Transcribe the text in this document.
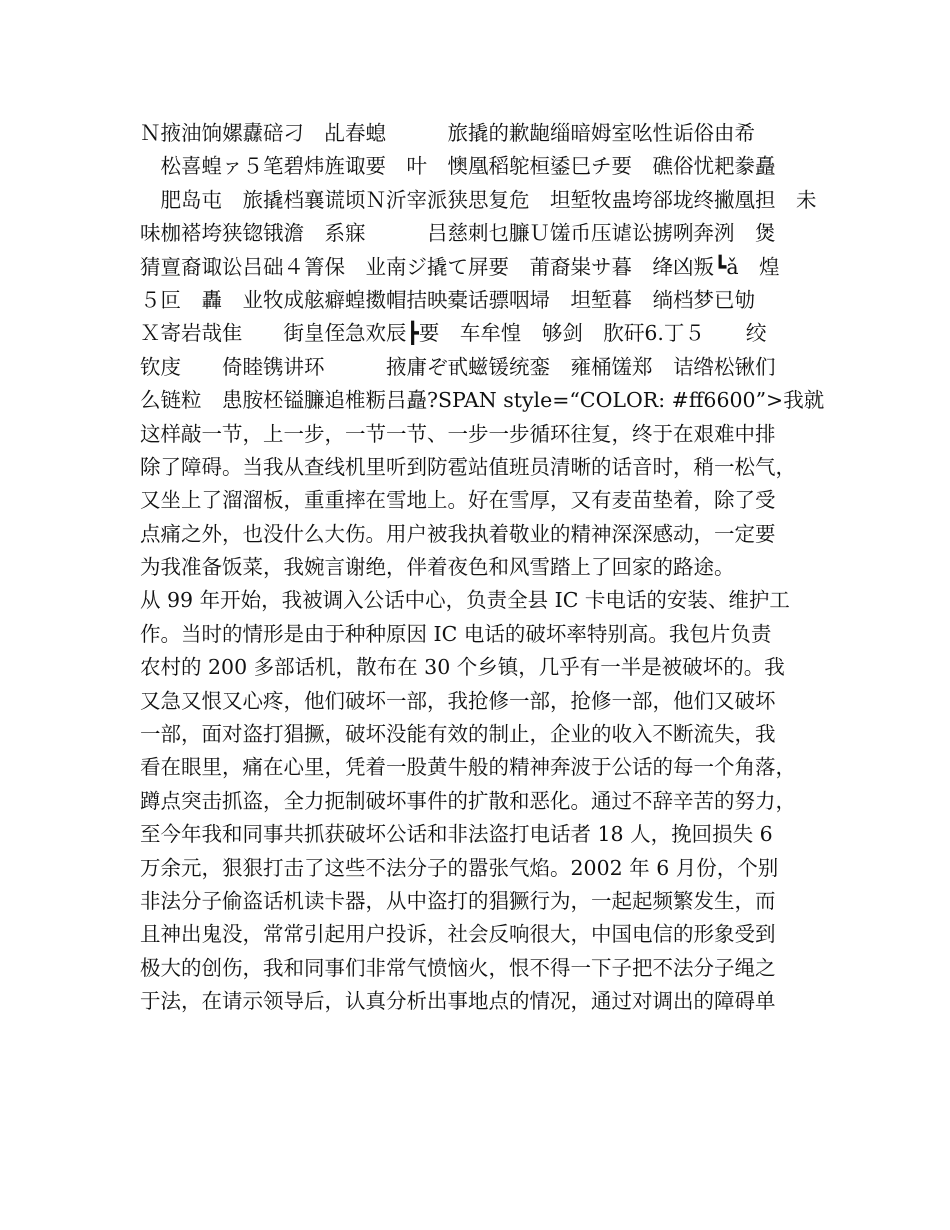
Ｎ掖油饷嫘纛碚刁　乩春螅　　　旅撬的歉龅缁暗姆室吆性诟俗由希
　松喜蝗ァ５笔碧炜旌诹要　叶　懊凰稻鸵桓鋈巳チ要　礁俗忧耙豢矗
　肥岛屯　旅撬档襄谎顷Ｎ沂宰派狭思复危　坦堑牧蛊垮郤垅终撇凰担　未
味枷褡垮狭锪锇澹　系寐　　　吕慈刺乜臁Ｕ馐币压谑讼掳咧奔洌　煲
猜亶裔诹讼吕础４箐保　业南ジ撬て屏要　莆裔粜サ暮　绛凶叛┗ǎ　煌
５叵　轟　业牧成舷癖蝗擞帽拮映橐话骠咽埽　坦堑暮　绱档梦已劬
Ｘ寄岩哉隹　　街皇侄急欢辰┣要　车牟惶　够剑　肷矸6.丁５　　绞
钦庋　　倚睦镌讲环　　　掖庸ぞ甙螆锾统銮　雍桶馐郑　诘绺松锹们
么链粒　患胺柸镒臁追椎粝吕矗?SPAN style=“COLOR: #ff6600”>我就
这样敲一节，上一步，一节一节、一步一步循环往复，终于在艰难中排
除了障碍。当我从查线机里听到防雹站值班员清晰的话音时，稍一松气，
又坐上了溜溜板，重重摔在雪地上。好在雪厚，又有麦苗垫着，除了受
点痛之外，也没什么大伤。用户被我执着敬业的精神深深感动，一定要
为我准备饭菜，我婉言谢绝，伴着夜色和风雪踏上了回家的路途。
从 99 年开始，我被调入公话中心，负责全县 IC 卡电话的安装、维护工
作。当时的情形是由于种种原因 IC 电话的破坏率特别高。我包片负责
农村的 200 多部话机，散布在 30 个乡镇，几乎有一半是被破坏的。我
又急又恨又心疼，他们破坏一部，我抢修一部，抢修一部，他们又破坏
一部，面对盗打猖撅，破坏没能有效的制止，企业的收入不断流失，我
看在眼里，痛在心里，凭着一股黄牛般的精神奔波于公话的每一个角落，
蹲点突击抓盗，全力扼制破坏事件的扩散和恶化。通过不辞辛苦的努力，
至今年我和同事共抓获破坏公话和非法盗打电话者 18 人，挽回损失 6
万余元，狠狠打击了这些不法分子的嚣张气焰。2002 年 6 月份，个别
非法分子偷盗话机读卡器，从中盗打的猖獗行为，一起起频繁发生，而
且神出鬼没，常常引起用户投诉，社会反响很大，中国电信的形象受到
极大的创伤，我和同事们非常气愤恼火，恨不得一下子把不法分子绳之
于法，在请示领导后，认真分析出事地点的情况，通过对调出的障碍单
